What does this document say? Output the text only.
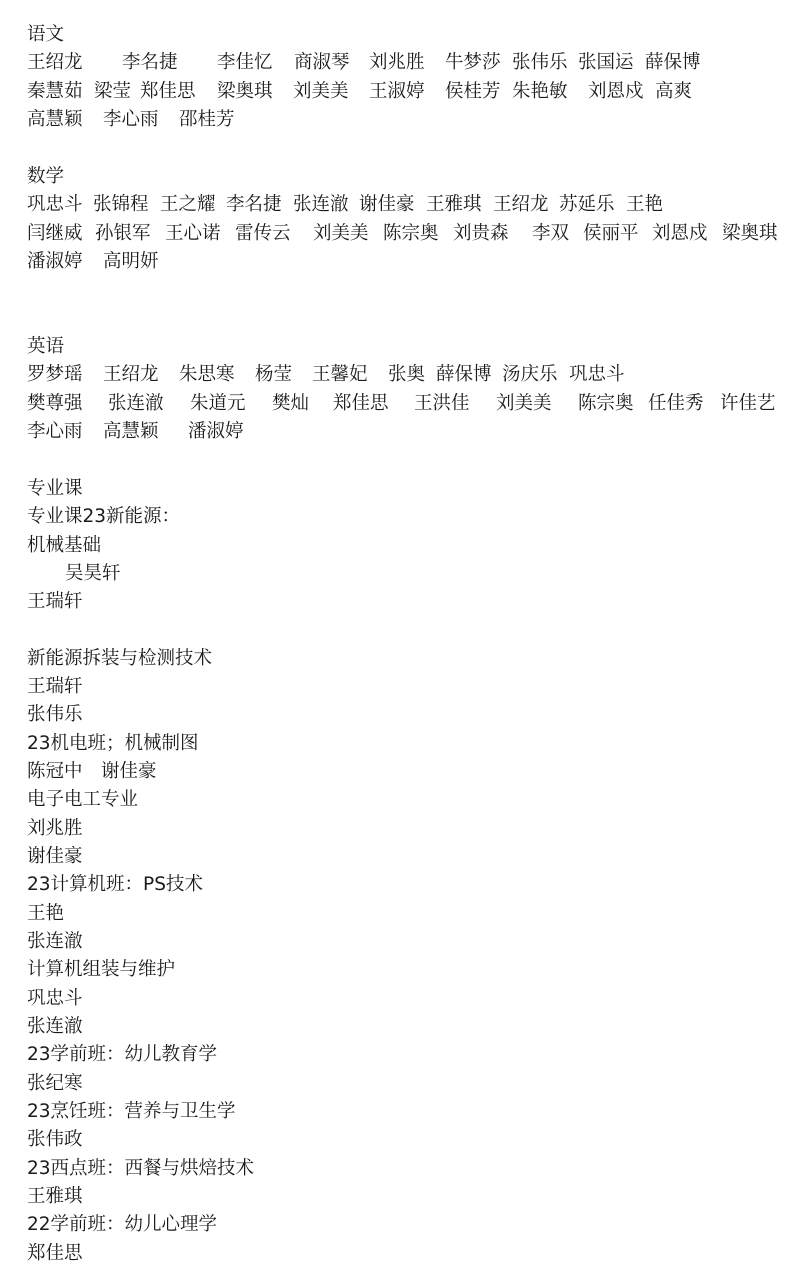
语文

王绍龙

李名捷

李佳忆

商淑琴

刘兆胜

牛梦莎

张伟乐

张国运

薛保博

秦慧茹

梁莹

郑佳思

梁奥琪

刘美美

王淑婷

侯桂芳

朱艳敏

刘恩戍

高爽

高慧颖

李心雨

邵桂芳

数学

巩忠斗

张锦程

王之耀

李名捷

张连澈

谢佳豪

王雅琪

王绍龙

苏延乐

王艳

闫继威

孙银军

王心诺

雷传云

刘美美

陈宗奥

刘贵森

李双

侯丽平

刘恩戍

梁奥琪

潘淑婷

高明妍

英语

罗梦瑶

王绍龙

朱思寒

杨莹

王馨妃

张奥

薛保博

汤庆乐

巩忠斗

樊尊强

张连澈

朱道元

樊灿

郑佳思

王洪佳

刘美美

陈宗奥

任佳秀

许佳艺

李心雨

高慧颖

潘淑婷

专业课
专业课23新能源：
机械基础
吴昊轩
王瑞轩
新能源拆装与检测技术
王瑞轩
张伟乐
23机电班；机械制图
陈冠中　谢佳豪
电子电工专业
刘兆胜
谢佳豪
23计算机班：PS技术
王艳
张连澈
计算机组装与维护
巩忠斗
张连澈
23学前班：幼儿教育学
张纪寒
23烹饪班：营养与卫生学
张伟政
23西点班：西餐与烘焙技术
王雅琪
22学前班：幼儿心理学
郑佳思
